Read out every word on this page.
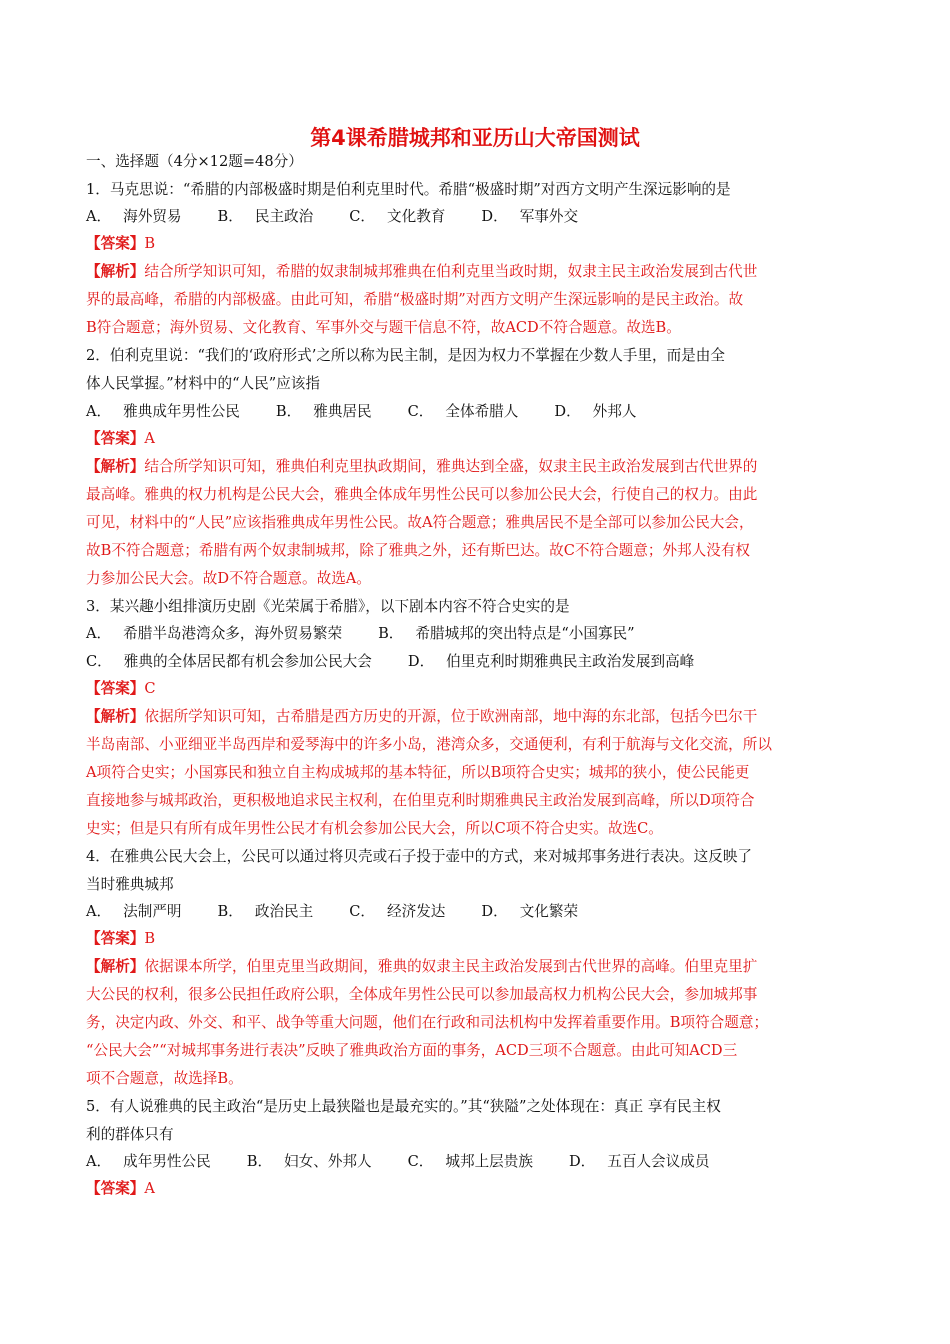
第4课希腊城邦和亚历山大帝国测试
一、选择题（4分×12题=48分）
1．马克思说：“希腊的内部极盛时期是伯利克里时代。希腊“极盛时期”对西方文明产生深远影响的是
A． 海外贸易 B． 民主政治 C． 文化教育 D． 军事外交
【答案】B
【解析】结合所学知识可知，希腊的奴隶制城邦雅典在伯利克里当政时期，奴隶主民主政治发展到古代世
界的最高峰，希腊的内部极盛。由此可知，希腊“极盛时期”对西方文明产生深远影响的是民主政治。故
B符合题意；海外贸易、文化教育、军事外交与题干信息不符，故ACD不符合题意。故选B。
2．伯利克里说：“我们的‘政府形式’之所以称为民主制，是因为权力不掌握在少数人手里，而是由全
体人民掌握。”材料中的“人民”应该指
A． 雅典成年男性公民 B． 雅典居民 C． 全体希腊人 D． 外邦人
【答案】A
【解析】结合所学知识可知，雅典伯利克里执政期间，雅典达到全盛，奴隶主民主政治发展到古代世界的
最高峰。雅典的权力机构是公民大会，雅典全体成年男性公民可以参加公民大会，行使自己的权力。由此
可见，材料中的“人民”应该指雅典成年男性公民。故A符合题意；雅典居民不是全部可以参加公民大会，
故B不符合题意；希腊有两个奴隶制城邦，除了雅典之外，还有斯巴达。故C不符合题意；外邦人没有权
力参加公民大会。故D不符合题意。故选A。
3．某兴趣小组排演历史剧《光荣属于希腊》，以下剧本内容不符合史实的是
A． 希腊半岛港湾众多，海外贸易繁荣 B． 希腊城邦的突出特点是“小国寡民”
C． 雅典的全体居民都有机会参加公民大会 D． 伯里克利时期雅典民主政治发展到高峰
【答案】C
【解析】依据所学知识可知，古希腊是西方历史的开源，位于欧洲南部，地中海的东北部，包括今巴尔干
半岛南部、小亚细亚半岛西岸和爱琴海中的许多小岛，港湾众多，交通便利，有利于航海与文化交流，所以
A项符合史实；小国寡民和独立自主构成城邦的基本特征，所以B项符合史实；城邦的狭小，使公民能更
直接地参与城邦政治，更积极地追求民主权利，在伯里克利时期雅典民主政治发展到高峰，所以D项符合
史实；但是只有所有成年男性公民才有机会参加公民大会，所以C项不符合史实。故选C。
4．在雅典公民大会上，公民可以通过将贝壳或石子投于壶中的方式，来对城邦事务进行表决。这反映了
当时雅典城邦
A． 法制严明 B． 政治民主 C． 经济发达 D． 文化繁荣
【答案】B
【解析】依据课本所学，伯里克里当政期间，雅典的奴隶主民主政治发展到古代世界的高峰。伯里克里扩
大公民的权利，很多公民担任政府公职，全体成年男性公民可以参加最高权力机构公民大会，参加城邦事
务，决定内政、外交、和平、战争等重大问题，他们在行政和司法机构中发挥着重要作用。B项符合题意；
“公民大会”“对城邦事务进行表决”反映了雅典政治方面的事务，ACD三项不合题意。由此可知ACD三
项不合题意，故选择B。
5．有人说雅典的民主政治“是历史上最狭隘也是最充实的。”其“狭隘”之处体现在：真正 享有民主权
利的群体只有
A． 成年男性公民 B． 妇女、外邦人 C． 城邦上层贵族 D． 五百人会议成员
【答案】A
